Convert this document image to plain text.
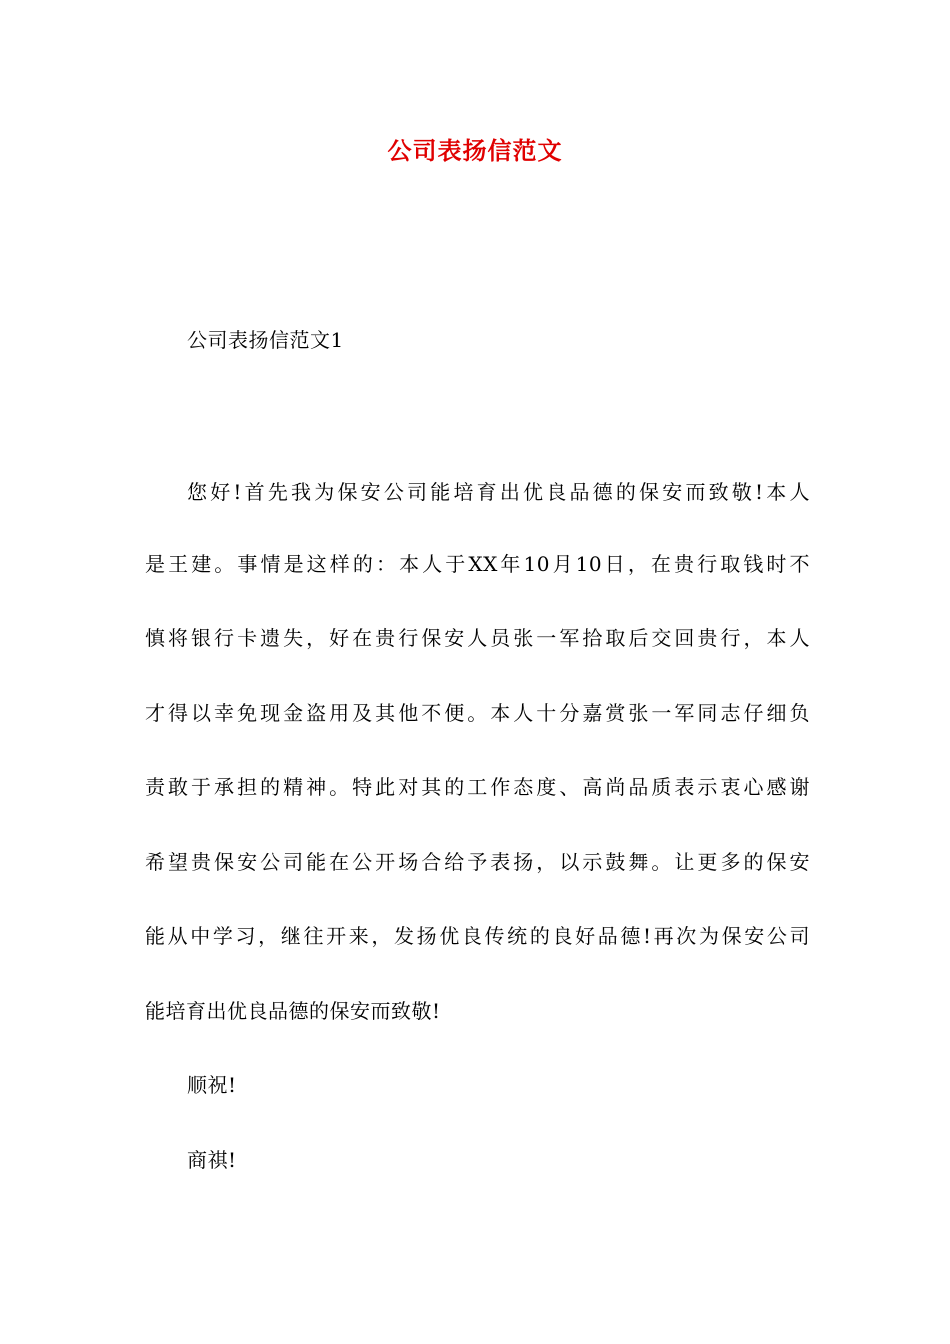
公司表扬信范文
公司表扬信范文1
您好!首先我为保安公司能培育出优良品德的保安而致敬!本人
是王建。事情是这样的：本人于XX年10月10日，在贵行取钱时不
慎将银行卡遗失，好在贵行保安人员张一军拾取后交回贵行，本人
才得以幸免现金盗用及其他不便。本人十分嘉赏张一军同志仔细负
责敢于承担的精神。特此对其的工作态度、高尚品质表示衷心感谢
希望贵保安公司能在公开场合给予表扬，以示鼓舞。让更多的保安
能从中学习，继往开来，发扬优良传统的良好品德!再次为保安公司
能培育出优良品德的保安而致敬!
顺祝!
商祺!
